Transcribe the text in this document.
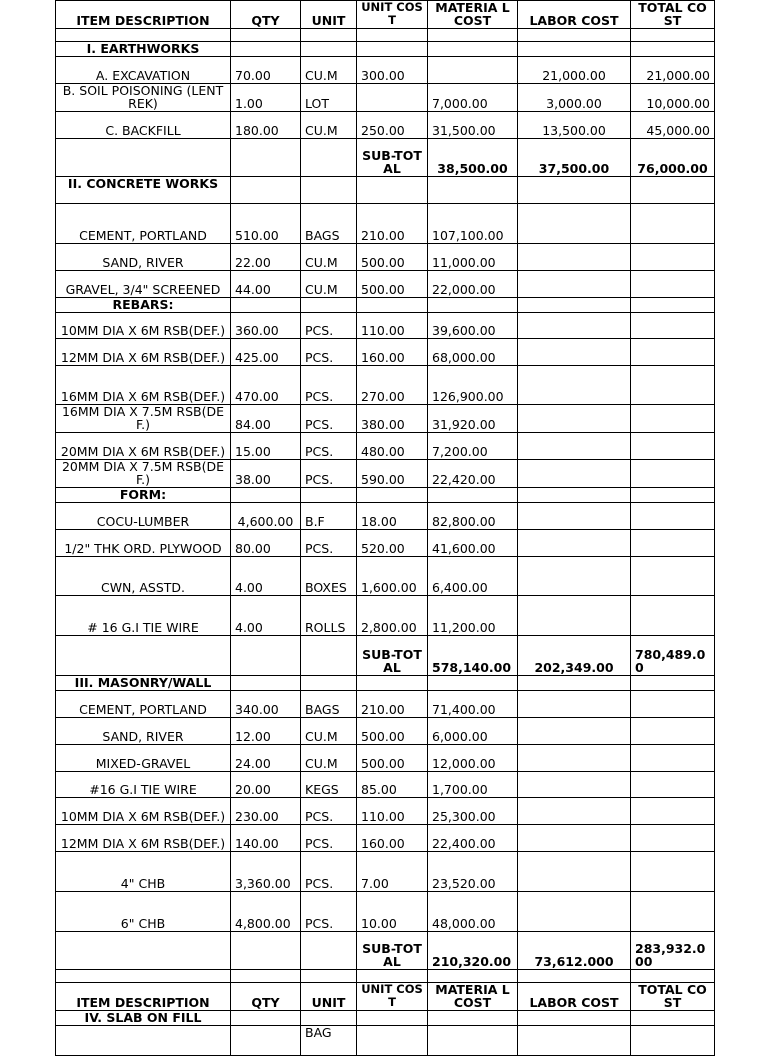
ITEM DESCRIPTION	QTY	UNIT	UNIT COST	MATERIA L COST	LABOR COST	TOTAL COST

I. EARTHWORKS						
A. EXCAVATION	70.00	CU.M	300.00		21,000.00	21,000.00
B. SOIL POISONING (LENTREK)	1.00	LOT		7,000.00	3,000.00	10,000.00
C. BACKFILL	180.00	CU.M	250.00	31,500.00	13,500.00	45,000.00
			SUB-TOTAL	38,500.00	37,500.00	76,000.00
II. CONCRETE WORKS						
CEMENT, PORTLAND	510.00	BAGS	210.00	107,100.00		
SAND, RIVER	22.00	CU.M	500.00	11,000.00		
GRAVEL, 3/4" SCREENED	44.00	CU.M	500.00	22,000.00		
REBARS:						
10MM DIA X 6M RSB(DEF.)	360.00	PCS.	110.00	39,600.00		
12MM DIA X 6M RSB(DEF.)	425.00	PCS.	160.00	68,000.00		
16MM DIA X 6M RSB(DEF.)	470.00	PCS.	270.00	126,900.00		
16MM DIA X 7.5M RSB(DEF.)	84.00	PCS.	380.00	31,920.00		
20MM DIA X 6M RSB(DEF.)	15.00	PCS.	480.00	7,200.00		
20MM DIA X 7.5M RSB(DEF.)	38.00	PCS.	590.00	22,420.00		
FORM:						
COCU-LUMBER	4,600.00	B.F	18.00	82,800.00		
1/2" THK ORD. PLYWOOD	80.00	PCS.	520.00	41,600.00		
CWN, ASSTD.	4.00	BOXES	1,600.00	6,400.00		
# 16 G.I TIE WIRE	4.00	ROLLS	2,800.00	11,200.00		
			SUB-TOTAL	578,140.00	202,349.00	780,489.00
III. MASONRY/WALL						
CEMENT, PORTLAND	340.00	BAGS	210.00	71,400.00		
SAND, RIVER	12.00	CU.M	500.00	6,000.00		
MIXED-GRAVEL	24.00	CU.M	500.00	12,000.00		
#16 G.I TIE WIRE	20.00	KEGS	85.00	1,700.00		
10MM DIA X 6M RSB(DEF.)	230.00	PCS.	110.00	25,300.00		
12MM DIA X 6M RSB(DEF.)	140.00	PCS.	160.00	22,400.00		
4" CHB	3,360.00	PCS.	7.00	23,520.00		
6" CHB	4,800.00	PCS.	10.00	48,000.00		
			SUB-TOTAL	210,320.00	73,612.000	283,932.000

ITEM DESCRIPTION	QTY	UNIT	UNIT COST	MATERIA L COST	LABOR COST	TOTAL COST
IV. SLAB ON FILL						
		BAG				
